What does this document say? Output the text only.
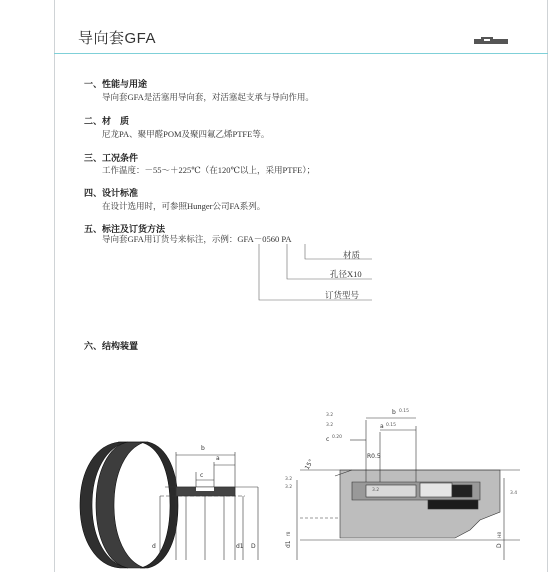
导向套GFA
一、性能与用途
导向套GFA是活塞用导向套，对活塞起支承与导向作用。
二、材　质
尼龙PA、聚甲醛POM及聚四氟乙烯PTFE等。
三、工况条件
工作温度：－55～＋225℃（在120℃以上，采用PTFE）；
四、设计标准
在设计选用时，可参照Hunger公司FA系列。
五、标注及订货方法
导向套GFA用订货号来标注，示例：GFA－0560 PA
材质
孔径X10
订货型号
六、结构装置
b
a
c
d	d1 D
b 0.15
a 0.15
c 0.20
15°
R0.5
d1
f8
D
H8
3.2
3.2
3.2
3.2
3.2
3.4
